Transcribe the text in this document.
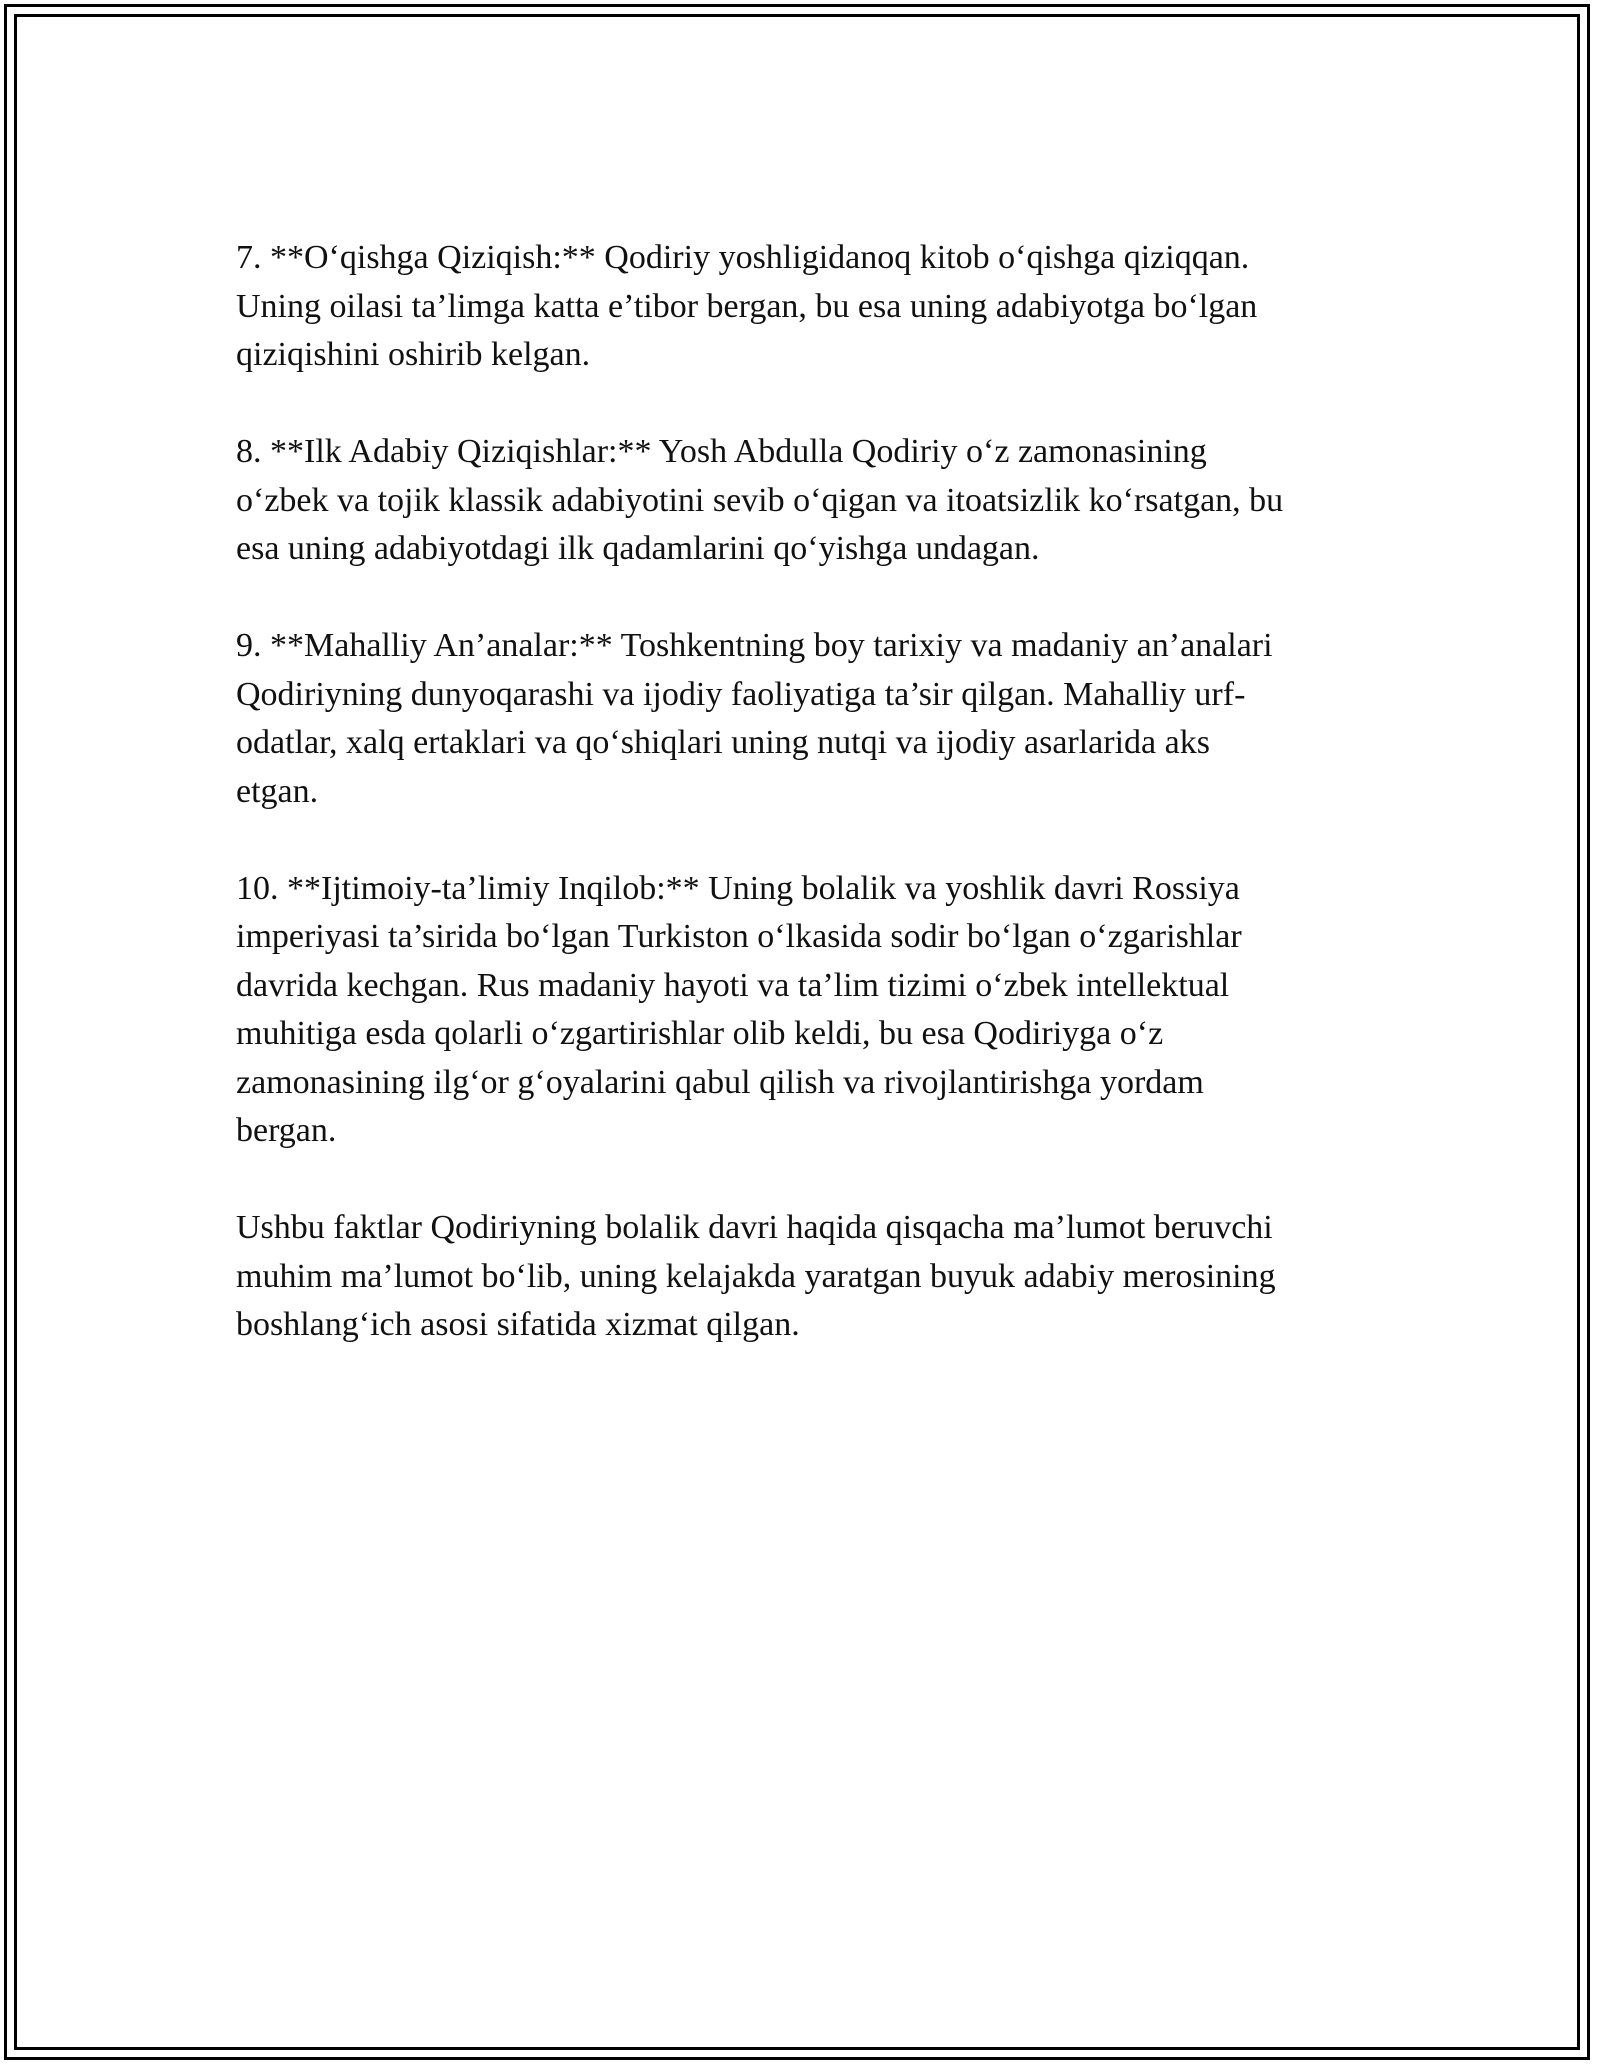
7. **O‘qishga Qiziqish:** Qodiriy yoshligidanoq kitob o‘qishga qiziqqan.
Uning oilasi ta’limga katta e’tibor bergan, bu esa uning adabiyotga bo‘lgan
qiziqishini oshirib kelgan.

8. **Ilk Adabiy Qiziqishlar:** Yosh Abdulla Qodiriy o‘z zamonasining
o‘zbek va tojik klassik adabiyotini sevib o‘qigan va itoatsizlik ko‘rsatgan, bu
esa uning adabiyotdagi ilk qadamlarini qo‘yishga undagan.

9. **Mahalliy An’analar:** Toshkentning boy tarixiy va madaniy an’analari
Qodiriyning dunyoqarashi va ijodiy faoliyatiga ta’sir qilgan. Mahalliy urf-
odatlar, xalq ertaklari va qo‘shiqlari uning nutqi va ijodiy asarlarida aks
etgan.

10. **Ijtimoiy-ta’limiy Inqilob:** Uning bolalik va yoshlik davri Rossiya
imperiyasi ta’sirida bo‘lgan Turkiston o‘lkasida sodir bo‘lgan o‘zgarishlar
davrida kechgan. Rus madaniy hayoti va ta’lim tizimi o‘zbek intellektual
muhitiga esda qolarli o‘zgartirishlar olib keldi, bu esa Qodiriyga o‘z
zamonasining ilg‘or g‘oyalarini qabul qilish va rivojlantirishga yordam
bergan.

Ushbu faktlar Qodiriyning bolalik davri haqida qisqacha ma’lumot beruvchi
muhim ma’lumot bo‘lib, uning kelajakda yaratgan buyuk adabiy merosining
boshlang‘ich asosi sifatida xizmat qilgan.
